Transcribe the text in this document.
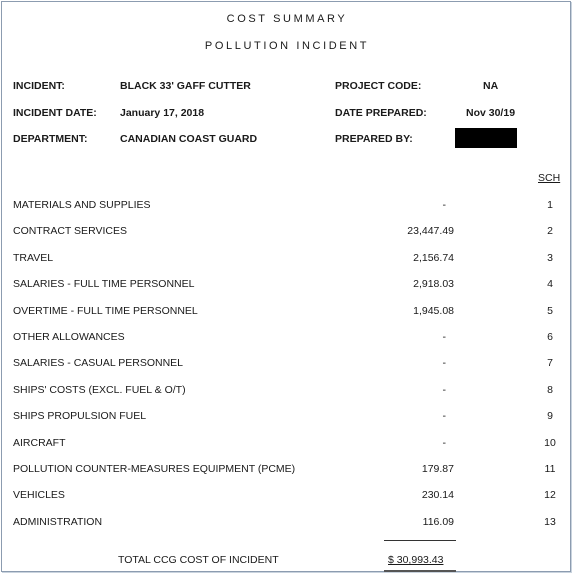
COST SUMMARY
POLLUTION INCIDENT
INCIDENT:	BLACK 33' GAFF CUTTER	PROJECT CODE:	NA
INCIDENT DATE: January 17, 2018	DATE PREPARED:	Nov 30/19
DEPARTMENT:	CANADIAN COAST GUARD	PREPARED BY:
SCH
MATERIALS AND SUPPLIES	-	1
CONTRACT SERVICES	23,447.49	2
TRAVEL	2,156.74	3
SALARIES - FULL TIME PERSONNEL	2,918.03	4
OVERTIME - FULL TIME PERSONNEL	1,945.08	5
OTHER ALLOWANCES	-	6
SALARIES - CASUAL PERSONNEL	-	7
SHIPS' COSTS (EXCL. FUEL & O/T)	-	8
SHIPS PROPULSION FUEL	-	9
AIRCRAFT	-	10
POLLUTION COUNTER-MEASURES EQUIPMENT (PCME)	179.87	11
VEHICLES	230.14	12
ADMINISTRATION	116.09	13
TOTAL CCG COST OF INCIDENT	$ 30,993.43
